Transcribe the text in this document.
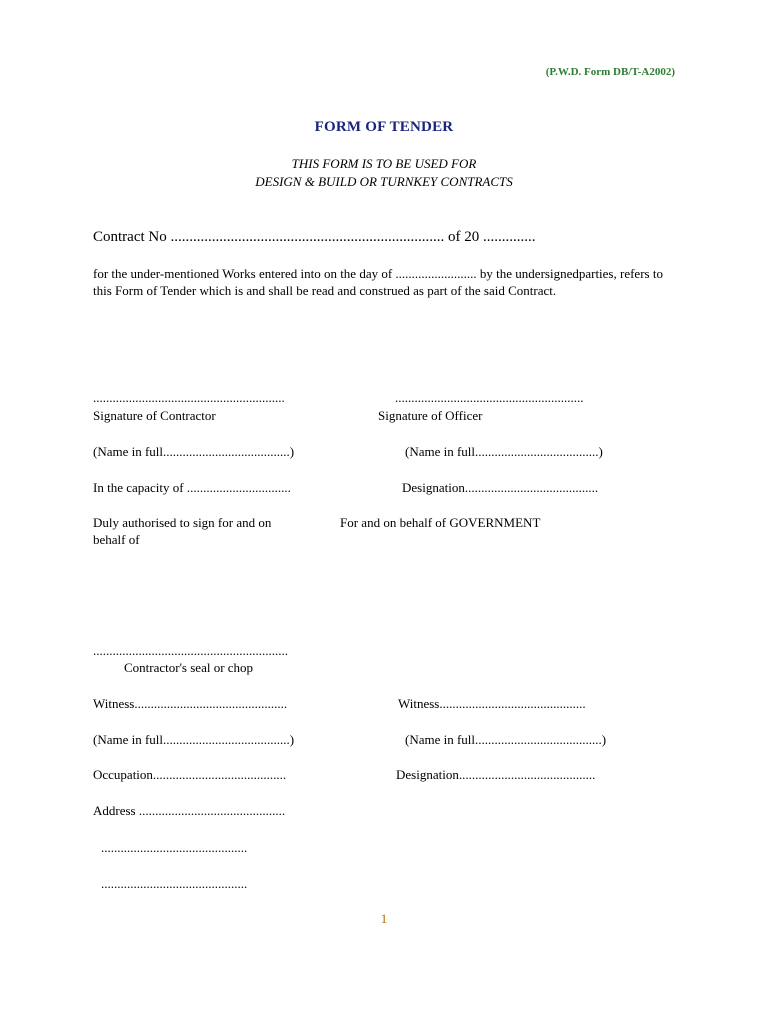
(P.W.D. Form DB/T-A2002)
FORM OF TENDER
THIS FORM IS TO BE USED FOR
DESIGN & BUILD OR TURNKEY CONTRACTS
Contract No ......................................................................... of 20 ..............
for the under-mentioned Works entered into on the day of ......................... by the undersignedparties, refers to this Form of Tender which is and shall be read and construed as part of the said Contract.
...........................................................	..........................................................
Signature of Contractor	Signature of Officer
(Name in full.......................................)	(Name in full......................................)
In the capacity of ................................	Designation.........................................
Duly authorised to sign for and on	For and on behalf of GOVERNMENT
behalf of
............................................................
Contractor's seal or chop
Witness...............................................	Witness.............................................
(Name in full.......................................)	(Name in full.......................................)
Occupation.........................................	Designation..........................................
Address .............................................
.............................................
.............................................
1
